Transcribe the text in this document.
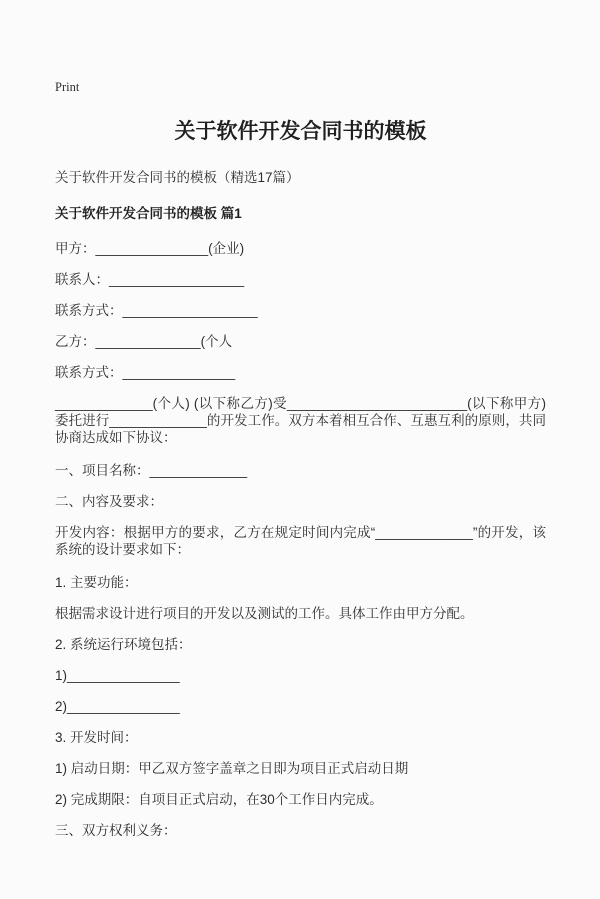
Print
关于软件开发合同书的模板

关于软件开发合同书的模板（精选17篇）

关于软件开发合同书的模板 篇1

甲方：_______________(企业)

联系人：__________________

联系方式：__________________

乙方：______________(个人

联系方式：_______________

_____________(个人) (以下称乙方)受________________________(以下称甲方)委托进行_____________的开发工作。双方本着相互合作、互惠互利的原则，共同协商达成如下协议：

一、项目名称：_____________

二、内容及要求：

开发内容：根据甲方的要求，乙方在规定时间内完成“_____________”的开发，该系统的设计要求如下：

1. 主要功能：

根据需求设计进行项目的开发以及测试的工作。具体工作由甲方分配。

2. 系统运行环境包括：

1)_______________

2)_______________

3. 开发时间：

1) 启动日期：甲乙双方签字盖章之日即为项目正式启动日期

2) 完成期限：自项目正式启动，在30个工作日内完成。

三、双方权利义务：
